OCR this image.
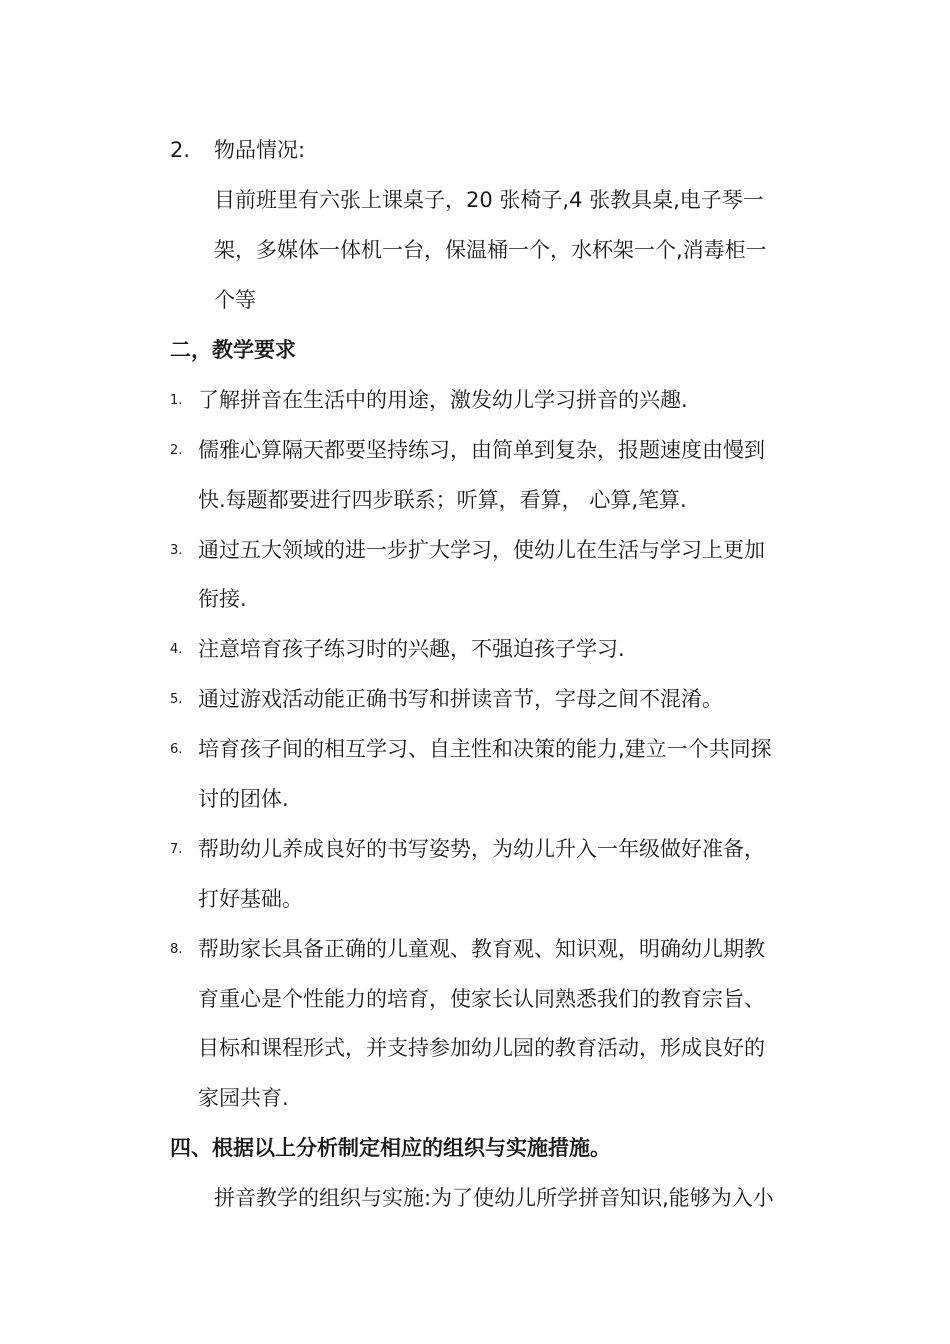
2. 物品情况:
目前班里有六张上课桌子，20 张椅子,4 张教具桌,电子琴一
架，多媒体一体机一台，保温桶一个，水杯架一个,消毒柜一
个等
二，教学要求
1. 了解拼音在生活中的用途，激发幼儿学习拼音的兴趣.
2. 儒雅心算隔天都要坚持练习，由简单到复杂，报题速度由慢到
快.每题都要进行四步联系；听算，看算， 心算,笔算.
3. 通过五大领域的进一步扩大学习，使幼儿在生活与学习上更加
衔接.
4. 注意培育孩子练习时的兴趣，不强迫孩子学习.
5. 通过游戏活动能正确书写和拼读音节，字母之间不混淆。
6. 培育孩子间的相互学习、自主性和决策的能力,建立一个共同探
讨的团体.
7. 帮助幼儿养成良好的书写姿势，为幼儿升入一年级做好准备，
打好基础。
8. 帮助家长具备正确的儿童观、教育观、知识观，明确幼儿期教
育重心是个性能力的培育，使家长认同熟悉我们的教育宗旨、
目标和课程形式，并支持参加幼儿园的教育活动，形成良好的
家园共育.
四、根据以上分析制定相应的组织与实施措施。
拼音教学的组织与实施:为了使幼儿所学拼音知识,能够为入小
